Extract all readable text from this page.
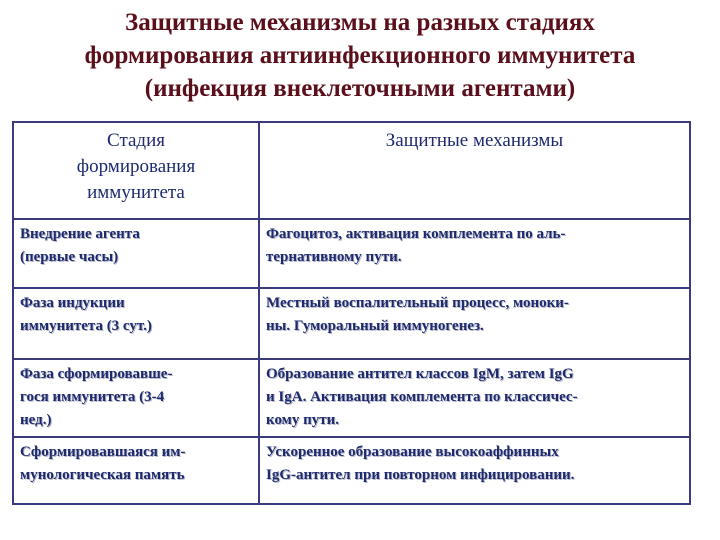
Защитные механизмы на разных стадиях
формирования антиинфекционного иммунитета
(инфекция внеклеточными агентами)
Стадия
формирования
иммунитета	Защитные механизмы

Внедрение агента
(первые часы)	Фагоцитоз, активация комплемента по аль-
тернативному пути.

Фаза индукции
иммунитета (3 сут.)	Местный воспалительный процесс, моноки-
ны. Гуморальный иммуногенез.

Фаза сформировавше-
гося иммунитета (3-4
нед.)	Образование антител классов IgM, затем IgG
и IgA. Активация комплемента по классичес-
кому пути.

Сформировавшаяся им-
мунологическая память	Ускоренное образование высокоаффинных
IgG-антител при повторном инфицировании.
